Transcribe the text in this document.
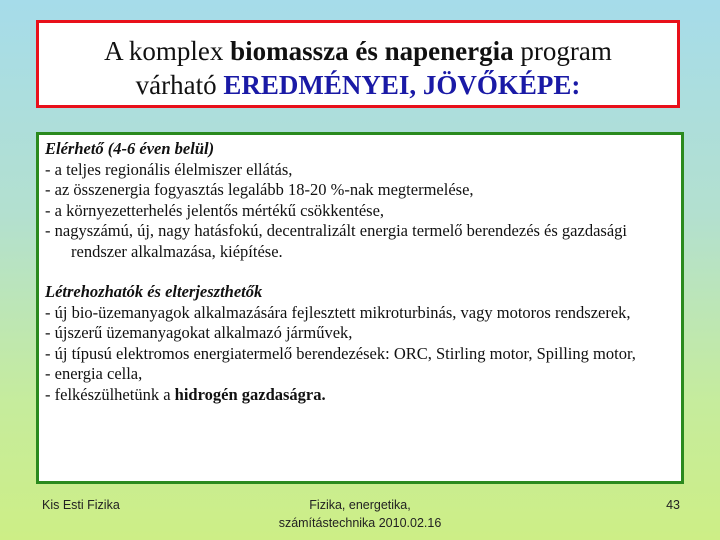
A komplex biomassza és napenergia program
várható EREDMÉNYEI, JÖVŐKÉPE:

Elérhető (4-6 éven belül)

- a teljes regionális élelmiszer ellátás,

- az összenergia fogyasztás legalább 18-20 %-nak megtermelése,

- a környezetterhelés jelentős mértékű csökkentése,

- nagyszámú, új, nagy hatásfokú, decentralizált energia termelő berendezés és gazdasági rendszer alkalmazása, kiépítése.

Létrehozhatók és elterjeszthetők

- új bio-üzemanyagok alkalmazására fejlesztett mikroturbinás, vagy motoros rendszerek,

- újszerű üzemanyagokat alkalmazó járművek,

- új típusú elektromos energiatermelő berendezések: ORC, Stirling motor, Spilling motor,

- energia cella,

- felkészülhetünk a hidrogén gazdaságra.

Kis Esti Fizika	Fizika, energetika,
számítástechnika 2010.02.16
43
